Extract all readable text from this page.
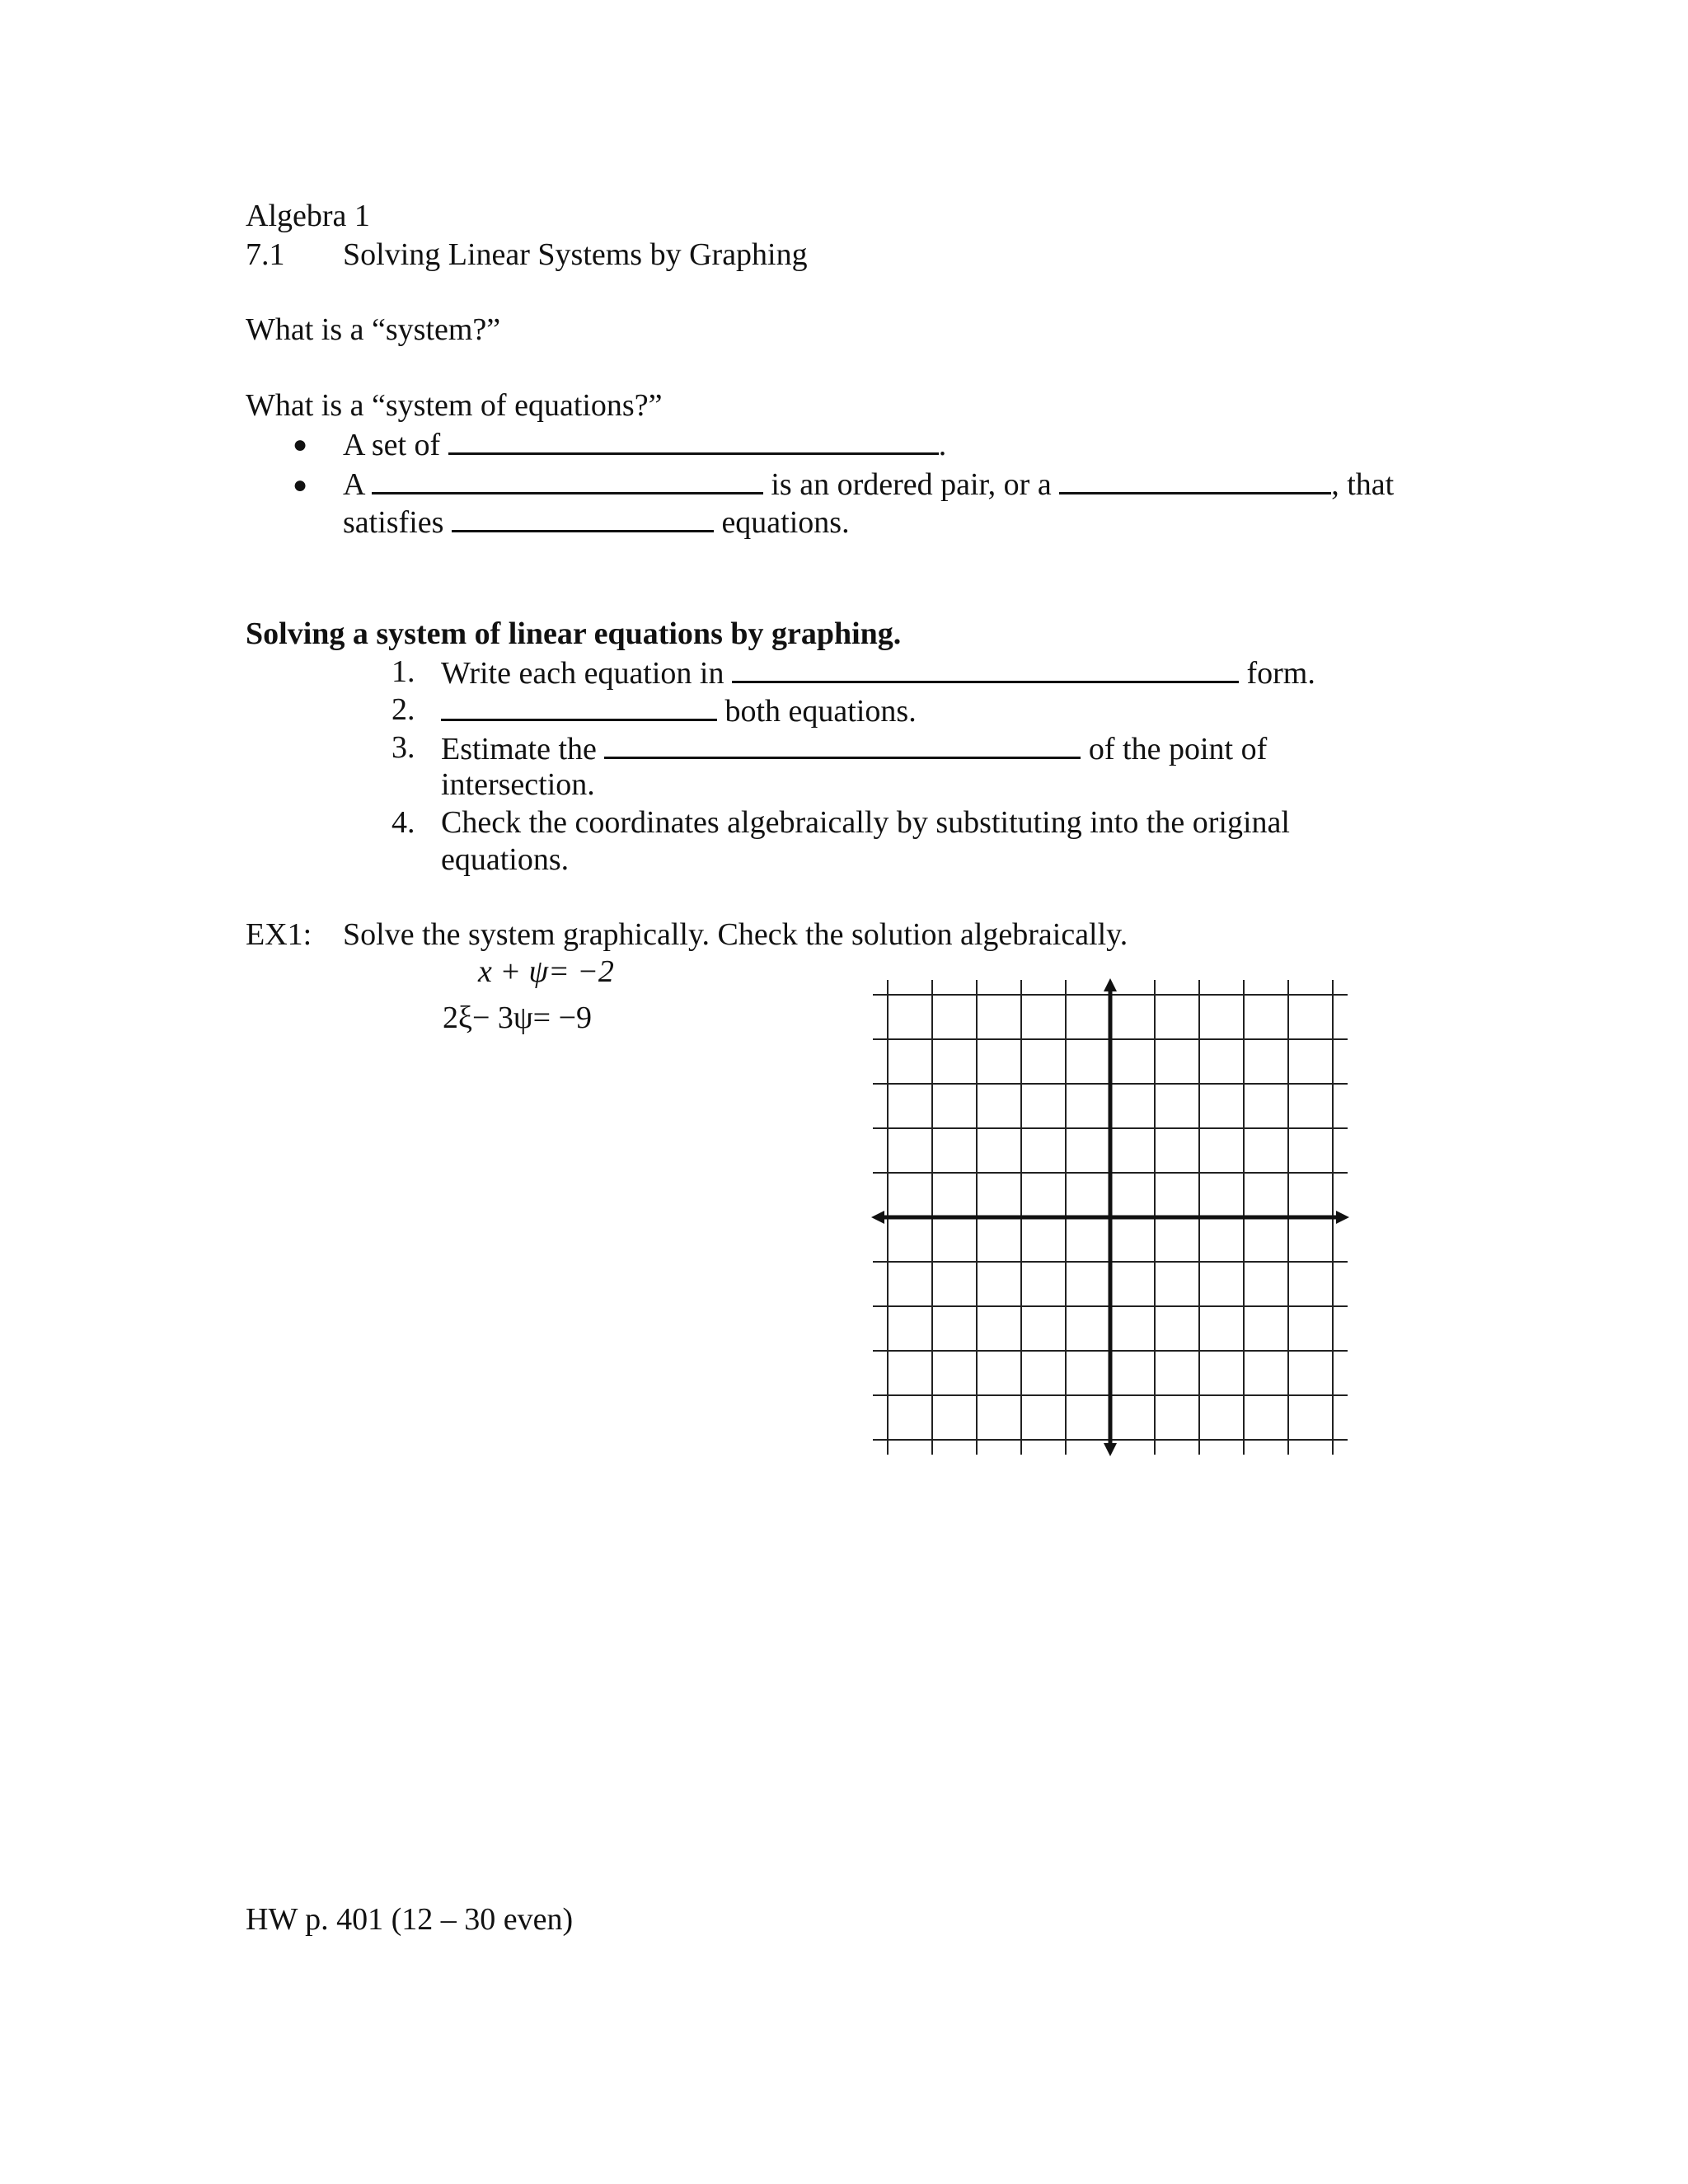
Algebra 1
7.1 Solving Linear Systems by Graphing
What is a “system?”
What is a “system of equations?”
● A set of	.
● A	is an ordered pair, or a	, that
satisfies	equations.
Solving a system of linear equations by graphing.
1. Write each equation in	form.
2.	both equations.
3. Estimate the	of the point of
intersection.
4. Check the coordinates algebraically by substituting into the original
equations.
EX1: Solve the system graphically. Check the solution algebraically.
x + ψ= −2
2ξ− 3ψ= −9
HW p. 401 (12 – 30 even)
